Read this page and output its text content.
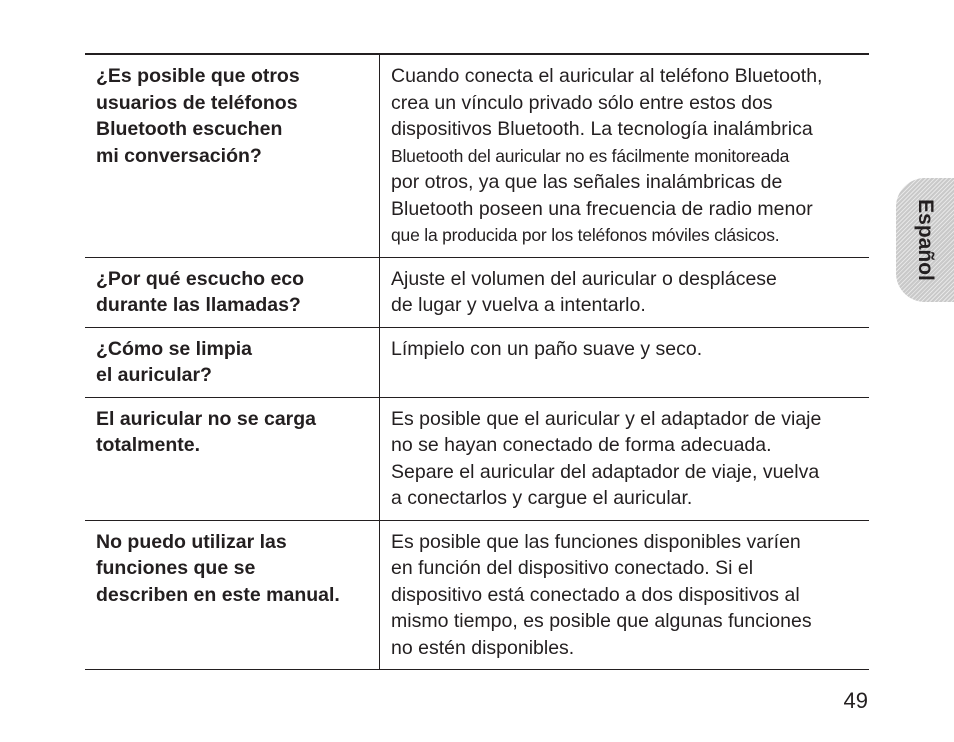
¿Es posible que otros
usuarios de teléfonos
Bluetooth escuchen
mi conversación?
Cuando conecta el auricular al teléfono Bluetooth,
crea un vínculo privado sólo entre estos dos
dispositivos Bluetooth. La tecnología inalámbrica
Bluetooth del auricular no es fácilmente monitoreada
por otros, ya que las señales inalámbricas de
Bluetooth poseen una frecuencia de radio menor
que la producida por los teléfonos móviles clásicos.
¿Por qué escucho eco
durante las llamadas?
Ajuste el volumen del auricular o desplácese
de lugar y vuelva a intentarlo.
¿Cómo se limpia
el auricular?
Límpielo con un paño suave y seco.
El auricular no se carga
totalmente.
Es posible que el auricular y el adaptador de viaje
no se hayan conectado de forma adecuada.
Separe el auricular del adaptador de viaje, vuelva
a conectarlos y cargue el auricular.
No puedo utilizar las
funciones que se
describen en este manual.
Es posible que las funciones disponibles varíen
en función del dispositivo conectado. Si el
dispositivo está conectado a dos dispositivos al
mismo tiempo, es posible que algunas funciones
no estén disponibles.
Español
49
